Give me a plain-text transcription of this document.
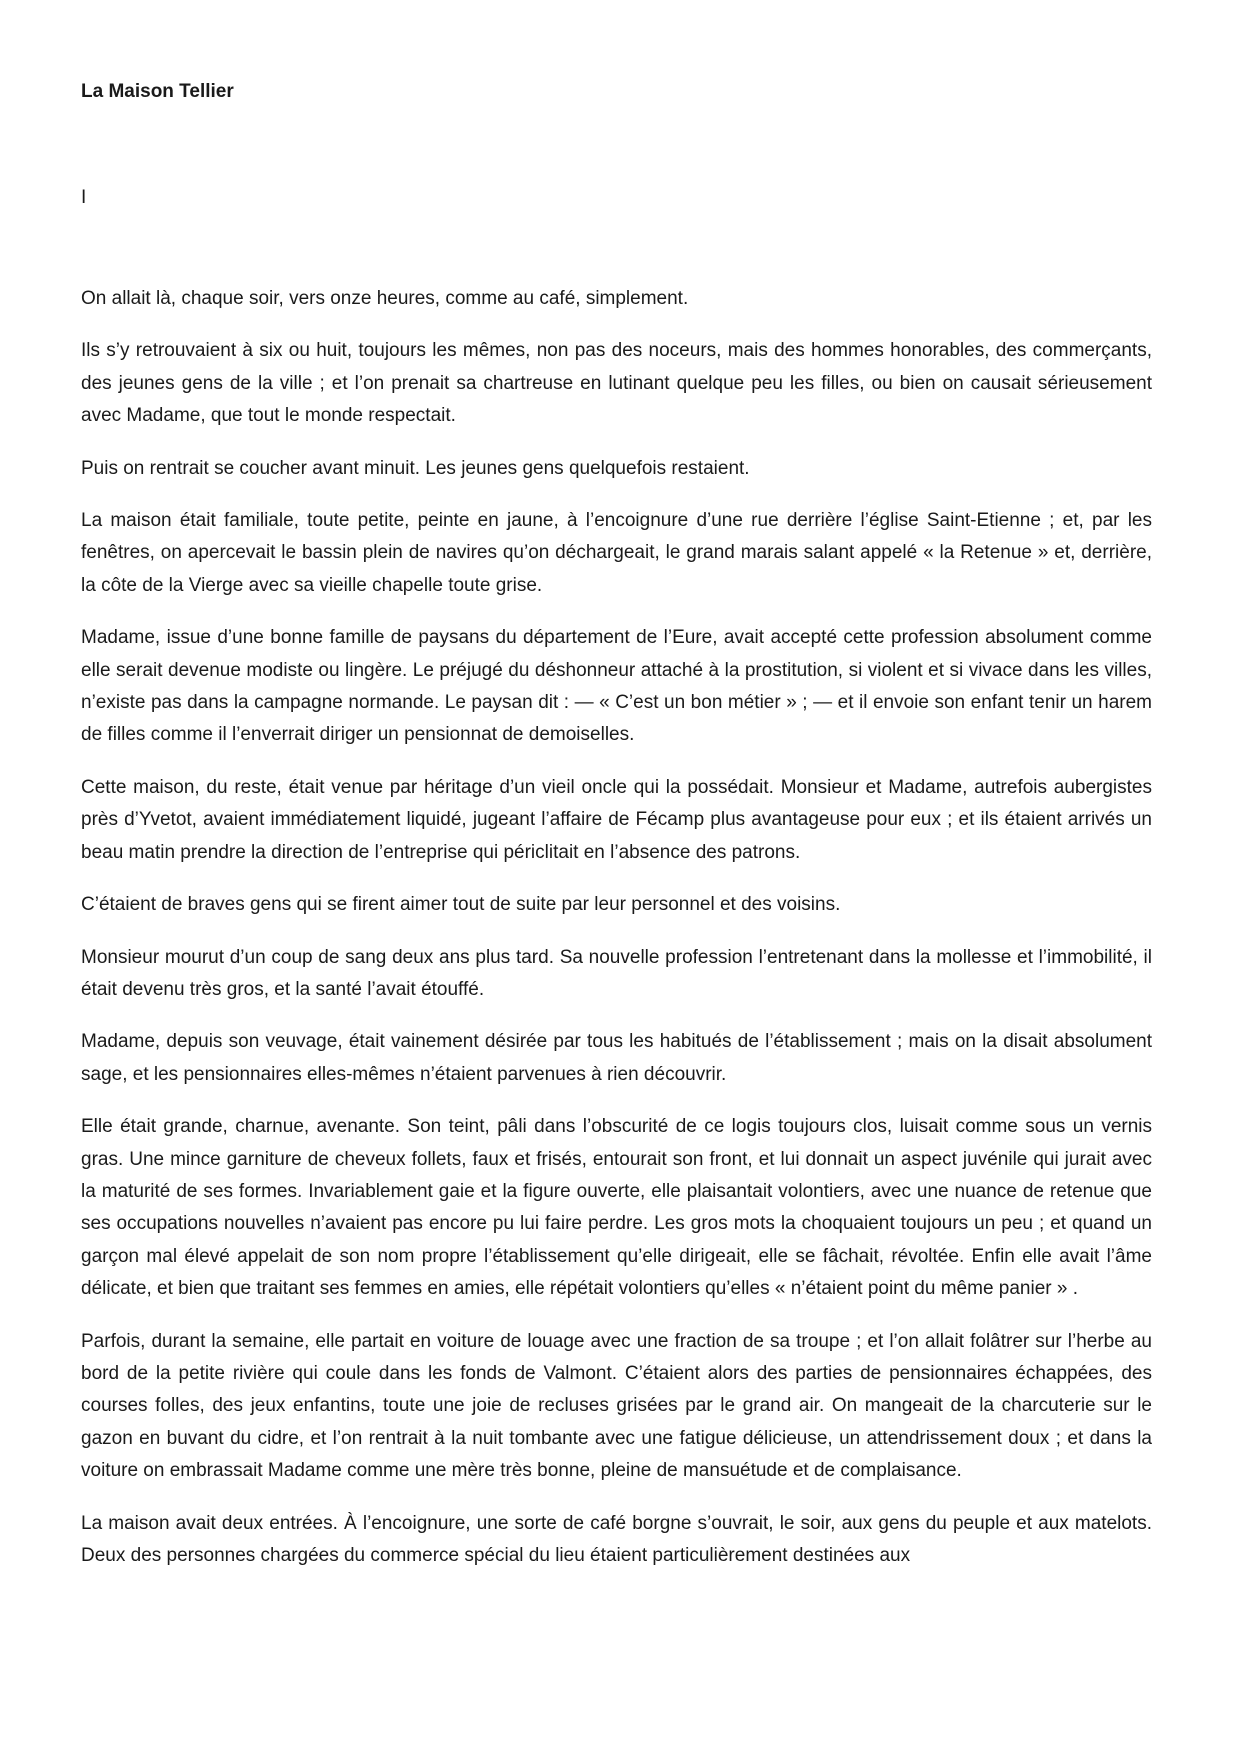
La Maison Tellier
I

On allait là, chaque soir, vers onze heures, comme au café, simplement.

Ils s’y retrouvaient à six ou huit, toujours les mêmes, non pas des noceurs, mais des hommes honorables, des commerçants, des jeunes gens de la ville ; et l’on prenait sa chartreuse en lutinant quelque peu les filles, ou bien on causait sérieusement avec Madame, que tout le monde respectait.

Puis on rentrait se coucher avant minuit. Les jeunes gens quelquefois restaient.

La maison était familiale, toute petite, peinte en jaune, à l’encoignure d’une rue derrière l’église Saint-Etienne ; et, par les fenêtres, on apercevait le bassin plein de navires qu’on déchargeait, le grand marais salant appelé « la Retenue » et, derrière, la côte de la Vierge avec sa vieille chapelle toute grise.

Madame, issue d’une bonne famille de paysans du département de l’Eure, avait accepté cette profession absolument comme elle serait devenue modiste ou lingère. Le préjugé du déshonneur attaché à la prostitution, si violent et si vivace dans les villes, n’existe pas dans la campagne normande. Le paysan dit : — « C’est un bon métier » ; — et il envoie son enfant tenir un harem de filles comme il l’enverrait diriger un pensionnat de demoiselles.

Cette maison, du reste, était venue par héritage d’un vieil oncle qui la possédait. Monsieur et Madame, autrefois aubergistes près d’Yvetot, avaient immédiatement liquidé, jugeant l’affaire de Fécamp plus avantageuse pour eux ; et ils étaient arrivés un beau matin prendre la direction de l’entreprise qui périclitait en l’absence des patrons.

C’étaient de braves gens qui se firent aimer tout de suite par leur personnel et des voisins.

Monsieur mourut d’un coup de sang deux ans plus tard. Sa nouvelle profession l’entretenant dans la mollesse et l’immobilité, il était devenu très gros, et la santé l’avait étouffé.

Madame, depuis son veuvage, était vainement désirée par tous les habitués de l’établissement ; mais on la disait absolument sage, et les pensionnaires elles-mêmes n’étaient parvenues à rien découvrir.

Elle était grande, charnue, avenante. Son teint, pâli dans l’obscurité de ce logis toujours clos, luisait comme sous un vernis gras. Une mince garniture de cheveux follets, faux et frisés, entourait son front, et lui donnait un aspect juvénile qui jurait avec la maturité de ses formes. Invariablement gaie et la figure ouverte, elle plaisantait volontiers, avec une nuance de retenue que ses occupations nouvelles n’avaient pas encore pu lui faire perdre. Les gros mots la choquaient toujours un peu ; et quand un garçon mal élevé appelait de son nom propre l’établissement qu’elle dirigeait, elle se fâchait, révoltée. Enfin elle avait l’âme délicate, et bien que traitant ses femmes en amies, elle répétait volontiers qu’elles « n’étaient point du même panier » .

Parfois, durant la semaine, elle partait en voiture de louage avec une fraction de sa troupe ; et l’on allait folâtrer sur l’herbe au bord de la petite rivière qui coule dans les fonds de Valmont. C’étaient alors des parties de pensionnaires échappées, des courses folles, des jeux enfantins, toute une joie de recluses grisées par le grand air. On mangeait de la charcuterie sur le gazon en buvant du cidre, et l’on rentrait à la nuit tombante avec une fatigue délicieuse, un attendrissement doux ; et dans la voiture on embrassait Madame comme une mère très bonne, pleine de mansuétude et de complaisance.

La maison avait deux entrées. À l’encoignure, une sorte de café borgne s’ouvrait, le soir, aux gens du peuple et aux matelots. Deux des personnes chargées du commerce spécial du lieu étaient particulièrement destinées aux
